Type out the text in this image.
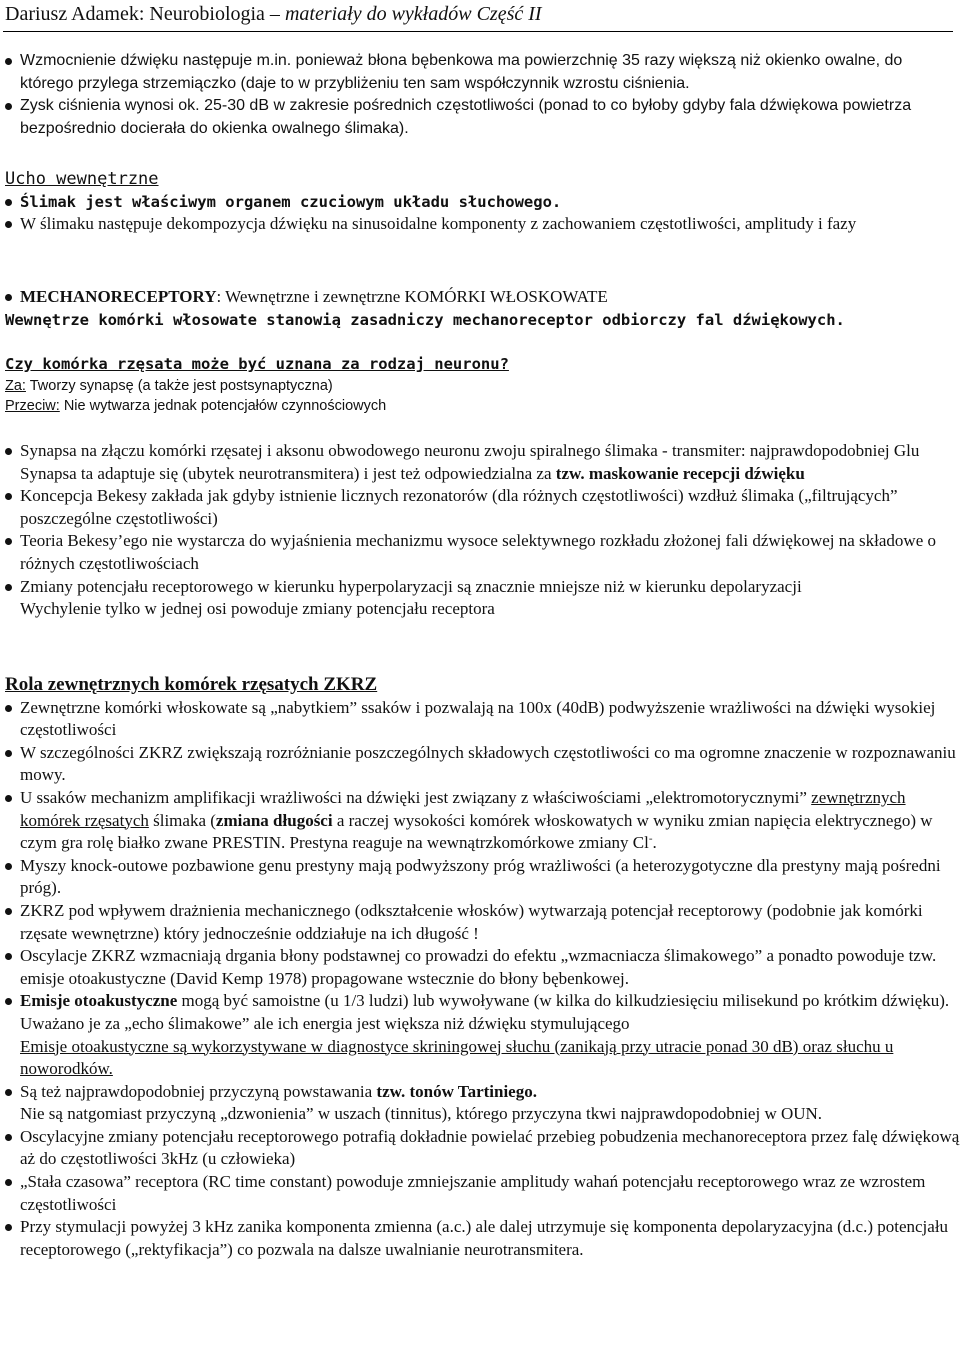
Dariusz Adamek: Neurobiologia – materiały do wykładów Część II

Wzmocnienie dźwięku następuje m.in. ponieważ błona bębenkowa ma powierzchnię 35 razy większą niż okienko owalne, do którego przylega strzemiączko (daje to w przybliżeniu ten sam współczynnik wzrostu ciśnienia.

Zysk ciśnienia wynosi ok. 25-30 dB w zakresie pośrednich częstotliwości (ponad to co byłoby gdyby fala dźwiękowa powietrza bezpośrednio docierała do okienka owalnego ślimaka).

Ucho wewnętrzne

Ślimak jest właściwym organem czuciowym układu słuchowego.

W ślimaku następuje dekompozycja dźwięku na sinusoidalne komponenty z zachowaniem częstotliwości, amplitudy i fazy

MECHANORECEPTORY: Wewnętrzne i zewnętrzne KOMÓRKI WŁOSKOWATE

Wewnętrze komórki włosowate stanowią zasadniczy mechanoreceptor odbiorczy fal dźwiękowych.

Czy komórka rzęsata może być uznana za rodzaj neuronu?

Za: Tworzy synapsę (a także jest postsynaptyczna)

Przeciw: Nie wytwarza jednak potencjałów czynnościowych

Synapsa na złączu komórki rzęsatej i aksonu obwodowego neuronu zwoju spiralnego ślimaka - transmiter: najprawdopodobniej Glu

Synapsa ta adaptuje się (ubytek neurotransmitera) i jest też odpowiedzialna za tzw. maskowanie recepcji dźwięku

Koncepcja Bekesy zakłada jak gdyby istnienie licznych rezonatorów (dla różnych częstotliwości) wzdłuż ślimaka („filtrujących” poszczególne częstotliwości)

Teoria Bekesy’ego nie wystarcza do wyjaśnienia mechanizmu wysoce selektywnego rozkładu złożonej fali dźwiękowej na składowe o różnych częstotliwościach

Zmiany potencjału receptorowego w kierunku hyperpolaryzacji są znacznie mniejsze niż w kierunku depolaryzacji

Wychylenie tylko w jednej osi powoduje zmiany potencjału receptora

Rola zewnętrznych komórek rzęsatych ZKRZ

Zewnętrzne komórki włoskowate są „nabytkiem” ssaków i pozwalają na 100x (40dB) podwyższenie wrażliwości na dźwięki wysokiej częstotliwości

W szczególności ZKRZ zwiększają rozróżnianie poszczególnych składowych częstotliwości co ma ogromne znaczenie w rozpoznawaniu mowy.

U ssaków mechanizm amplifikacji wrażliwości na dźwięki jest związany z właściwościami „elektromotorycznymi” zewnętrznych komórek rzęsatych ślimaka (zmiana długości a raczej wysokości komórek włoskowatych w wyniku zmian napięcia elektrycznego) w czym gra rolę białko zwane PRESTIN. Prestyna reaguje na wewnątrzkomórkowe zmiany Cl-.

Myszy knock-outowe pozbawione genu prestyny mają podwyższony próg wrażliwości (a heterozygotyczne dla prestyny mają pośredni próg).

ZKRZ pod wpływem drażnienia mechanicznego (odkształcenie włosków) wytwarzają potencjał receptorowy (podobnie jak komórki rzęsate wewnętrzne) który jednocześnie oddziałuje na ich długość !

Oscylacje ZKRZ wzmacniają drgania błony podstawnej co prowadzi do efektu „wzmacniacza ślimakowego” a ponadto powoduje tzw. emisje otoakustyczne (David Kemp 1978) propagowane wstecznie do błony bębenkowej.

Emisje otoakustyczne mogą być samoistne (u 1/3 ludzi) lub wywoływane (w kilka do kilkudziesięciu milisekund po krótkim dźwięku). Uważano je za „echo ślimakowe” ale ich energia jest większa niż dźwięku stymulującego

Emisje otoakustyczne są wykorzystywane w diagnostyce skriningowej słuchu (zanikają przy utracie ponad 30 dB) oraz słuchu u noworodków.

Są też najprawdopodobniej przyczyną powstawania tzw. tonów Tartiniego.

Nie są natgomiast przyczyną „dzwonienia” w uszach (tinnitus), którego przyczyna tkwi najprawdopodobniej w OUN.

Oscylacyjne zmiany potencjału receptorowego potrafią dokładnie powielać przebieg pobudzenia mechanoreceptora przez falę dźwiękową aż do częstotliwości 3kHz (u człowieka)

„Stała czasowa” receptora (RC time constant) powoduje zmniejszanie amplitudy wahań potencjału receptorowego wraz ze wzrostem częstotliwości

Przy stymulacji powyżej 3 kHz zanika komponenta zmienna (a.c.) ale dalej utrzymuje się komponenta depolaryzacyjna (d.c.) potencjału receptorowego („rektyfikacja”) co pozwala na dalsze uwalnianie neurotransmitera.
